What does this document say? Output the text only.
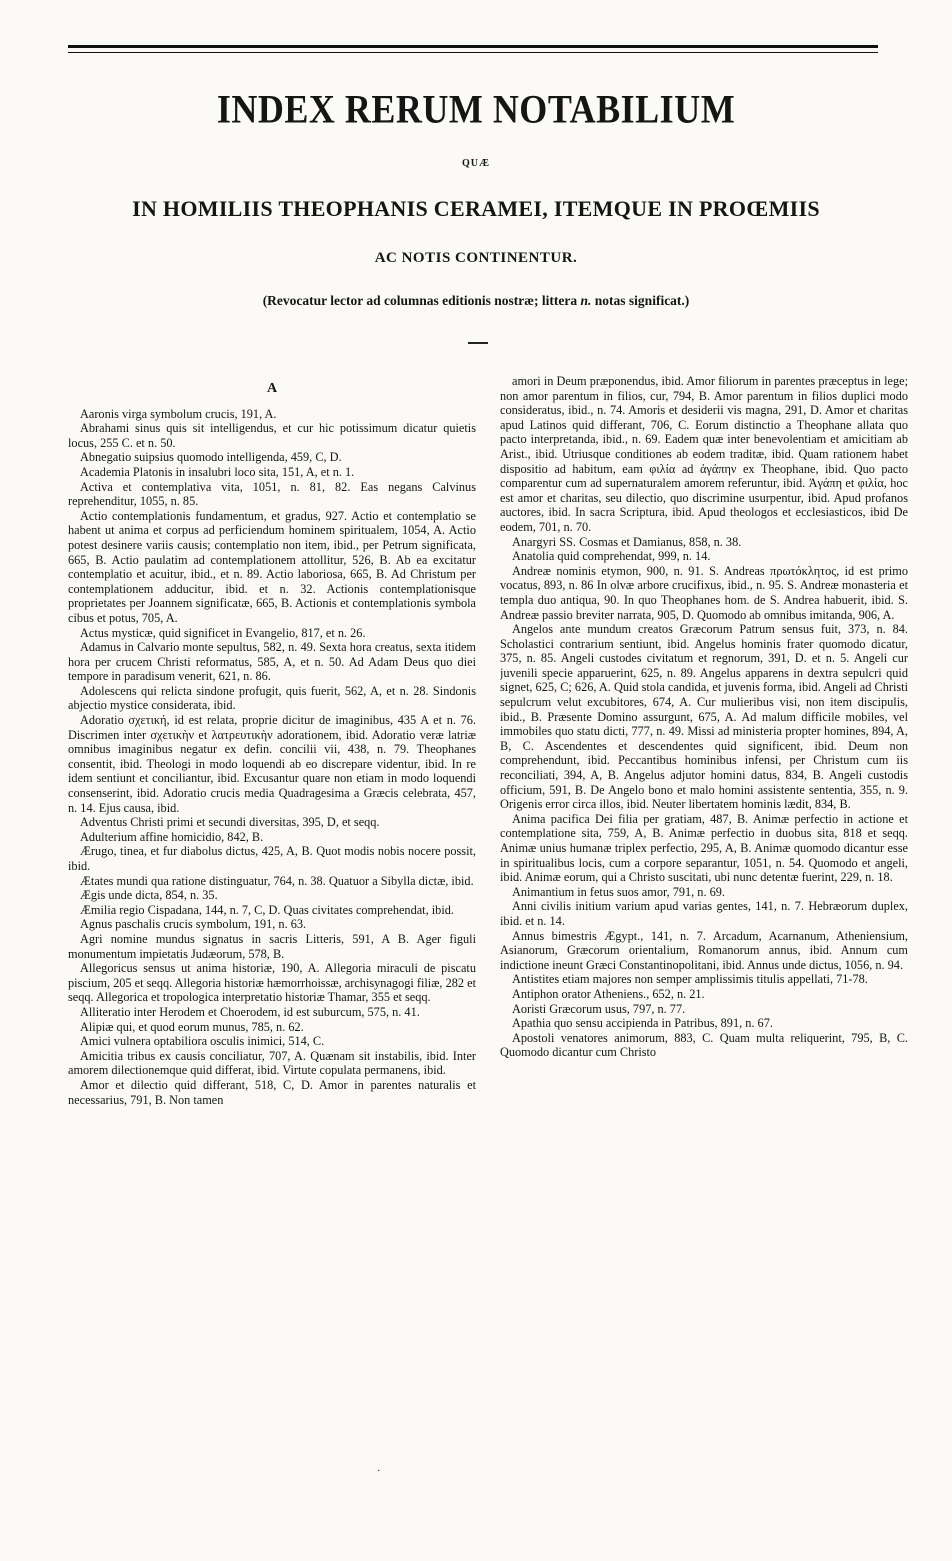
INDEX RERUM NOTABILIUM
QUÆ
IN HOMILIIS THEOPHANIS CERAMEI, ITEMQUE IN PROŒMIIS
AC NOTIS CONTINENTUR.
(Revocatur lector ad columnas editionis nostræ; littera n. notas significat.)
A

Aaronis virga symbolum crucis, 191, A.

Abrahami sinus quis sit intelligendus, et cur hic potissimum dicatur quietis locus, 255 C. et n. 50.

Abnegatio suipsius quomodo intelligenda, 459, C, D.

Academia Platonis in insalubri loco sita, 151, A, et n. 1.

Activa et contemplativa vita, 1051, n. 81, 82. Eas negans Calvinus reprehenditur, 1055, n. 85.

Actio contemplationis fundamentum, et gradus, 927. Actio et contemplatio se habent ut anima et corpus ad perficiendum hominem spiritualem, 1054, A. Actio potest desinere variis causis; contemplatio non item, ibid., per Petrum significata, 665, B. Actio paulatim ad contemplationem attollitur, 526, B. Ab ea excitatur contemplatio et acuitur, ibid., et n. 89. Actio laboriosa, 665, B. Ad Christum per contemplationem adducitur, ibid. et n. 32. Actionis contemplationisque proprietates per Joannem significatæ, 665, B. Actionis et contemplationis symbola cibus et potus, 705, A.

Actus mysticæ, quid significet in Evangelio, 817, et n. 26.

Adamus in Calvario monte sepultus, 582, n. 49. Sexta hora creatus, sexta itidem hora per crucem Christi reformatus, 585, A, et n. 50. Ad Adam Deus quo diei tempore in paradisum venerit, 621, n. 86.

Adolescens qui relicta sindone profugit, quis fuerit, 562, A, et n. 28. Sindonis abjectio mystice considerata, ibid.

Adoratio σχετική, id est relata, proprie dicitur de imaginibus, 435 A et n. 76. Discrimen inter σχετικὴν et λατρευτικὴν adorationem, ibid. Adoratio veræ latriæ omnibus imaginibus negatur ex defin. concilii vii, 438, n. 79. Theophanes consentit, ibid. Theologi in modo loquendi ab eo discrepare videntur, ibid. In re idem sentiunt et conciliantur, ibid. Excusantur quare non etiam in modo loquendi consenserint, ibid. Adoratio crucis media Quadragesima a Græcis celebrata, 457, n. 14. Ejus causa, ibid.

Adventus Christi primi et secundi diversitas, 395, D, et seqq.

Adulterium affine homicidio, 842, B.

Ærugo, tinea, et fur diabolus dictus, 425, A, B. Quot modis nobis nocere possit, ibid.

Ætates mundi qua ratione distinguatur, 764, n. 38. Quatuor a Sibylla dictæ, ibid.

Ægis unde dicta, 854, n. 35.

Æmilia regio Cispadana, 144, n. 7, C, D. Quas civitates comprehendat, ibid.

Agnus paschalis crucis symbolum, 191, n. 63.

Agri nomine mundus signatus in sacris Litteris, 591, A B. Ager figuli monumentum impietatis Judæorum, 578, B.

Allegoricus sensus ut anima historiæ, 190, A. Allegoria miraculi de piscatu piscium, 205 et seqq. Allegoria historiæ hæmorrhoissæ, archisynagogi filiæ, 282 et seqq. Allegorica et tropologica interpretatio historiæ Thamar, 355 et seqq.

Alliteratio inter Herodem et Choerodem, id est suburcum, 575, n. 41.

Alipiæ qui, et quod eorum munus, 785, n. 62.

Amici vulnera optabiliora osculis inimici, 514, C.

Amicitia tribus ex causis conciliatur, 707, A. Quænam sit instabilis, ibid. Inter amorem dilectionemque quid differat, ibid. Virtute copulata permanens, ibid.

Amor et dilectio quid differant, 518, C, D. Amor in parentes naturalis et necessarius, 791, B. Non tamen

amori in Deum præponendus, ibid. Amor filiorum in parentes præceptus in lege; non amor parentum in filios, cur, 794, B. Amor parentum in filios duplici modo consideratus, ibid., n. 74. Amoris et desiderii vis magna, 291, D. Amor et charitas apud Latinos quid differant, 706, C. Eorum distinctio a Theophane allata quo pacto interpretanda, ibid., n. 69. Eadem quæ inter benevolentiam et amicitiam ab Arist., ibid. Utriusque conditiones ab eodem traditæ, ibid. Quam rationem habet dispositio ad habitum, eam φιλία ad ἀγάπην ex Theophane, ibid. Quo pacto comparentur cum ad supernaturalem amorem referuntur, ibid. Ἀγάπη et φιλία, hoc est amor et charitas, seu dilectio, quo discrimine usurpentur, ibid. Apud profanos auctores, ibid. In sacra Scriptura, ibid. Apud theologos et ecclesiasticos, ibid De eodem, 701, n. 70.

Anargyri SS. Cosmas et Damianus, 858, n. 38.

Anatolia quid comprehendat, 999, n. 14.

Andreæ nominis etymon, 900, n. 91. S. Andreas πρωτόκλητος, id est primo vocatus, 893, n. 86 In olvæ arbore crucifixus, ibid., n. 95. S. Andreæ monasteria et templa duo antiqua, 90. In quo Theophanes hom. de S. Andrea habuerit, ibid. S. Andreæ passio breviter narrata, 905, D. Quomodo ab omnibus imitanda, 906, A.

Angelos ante mundum creatos Græcorum Patrum sensus fuit, 373, n. 84. Scholastici contrarium sentiunt, ibid. Angelus hominis frater quomodo dicatur, 375, n. 85. Angeli custodes civitatum et regnorum, 391, D. et n. 5. Angeli cur juvenili specie apparuerint, 625, n. 89. Angelus apparens in dextra sepulcri quid signet, 625, C; 626, A. Quid stola candida, et juvenis forma, ibid. Angeli ad Christi sepulcrum velut excubitores, 674, A. Cur mulieribus visi, non item discipulis, ibid., B. Præsente Domino assurgunt, 675, A. Ad malum difficile mobiles, vel immobiles quo statu dicti, 777, n. 49. Missi ad ministeria propter homines, 894, A, B, C. Ascendentes et descendentes quid significent, ibid. Deum non comprehendunt, ibid. Peccantibus hominibus infensi, per Christum cum iis reconciliati, 394, A, B. Angelus adjutor homini datus, 834, B. Angeli custodis officium, 591, B. De Angelo bono et malo homini assistente sententia, 355, n. 9. Origenis error circa illos, ibid. Neuter libertatem hominis lædit, 834, B.

Anima pacifica Dei filia per gratiam, 487, B. Animæ perfectio in actione et contemplatione sita, 759, A, B. Animæ perfectio in duobus sita, 818 et seqq. Animæ unius humanæ triplex perfectio, 295, A, B. Animæ quomodo dicantur esse in spiritualibus locis, cum a corpore separantur, 1051, n. 54. Quomodo et angeli, ibid. Animæ eorum, qui a Christo suscitati, ubi nunc detentæ fuerint, 229, n. 18.

Animantium in fetus suos amor, 791, n. 69.

Anni civilis initium varium apud varias gentes, 141, n. 7. Hebræorum duplex, ibid. et n. 14.

Annus bimestris Ægypt., 141, n. 7. Arcadum, Acarnanum, Atheniensium, Asianorum, Græcorum orientalium, Romanorum annus, ibid. Annum cum indictione ineunt Græci Constantinopolitani, ibid. Annus unde dictus, 1056, n. 94.

Antistites etiam majores non semper amplissimis titulis appellati, 71-78.

Antiphon orator Atheniens., 652, n. 21.

Aoristi Græcorum usus, 797, n. 77.

Apathia quo sensu accipienda in Patribus, 891, n. 67.

Apostoli venatores animorum, 883, C. Quam multa reliquerint, 795, B, C. Quomodo dicantur cum Christo

·
